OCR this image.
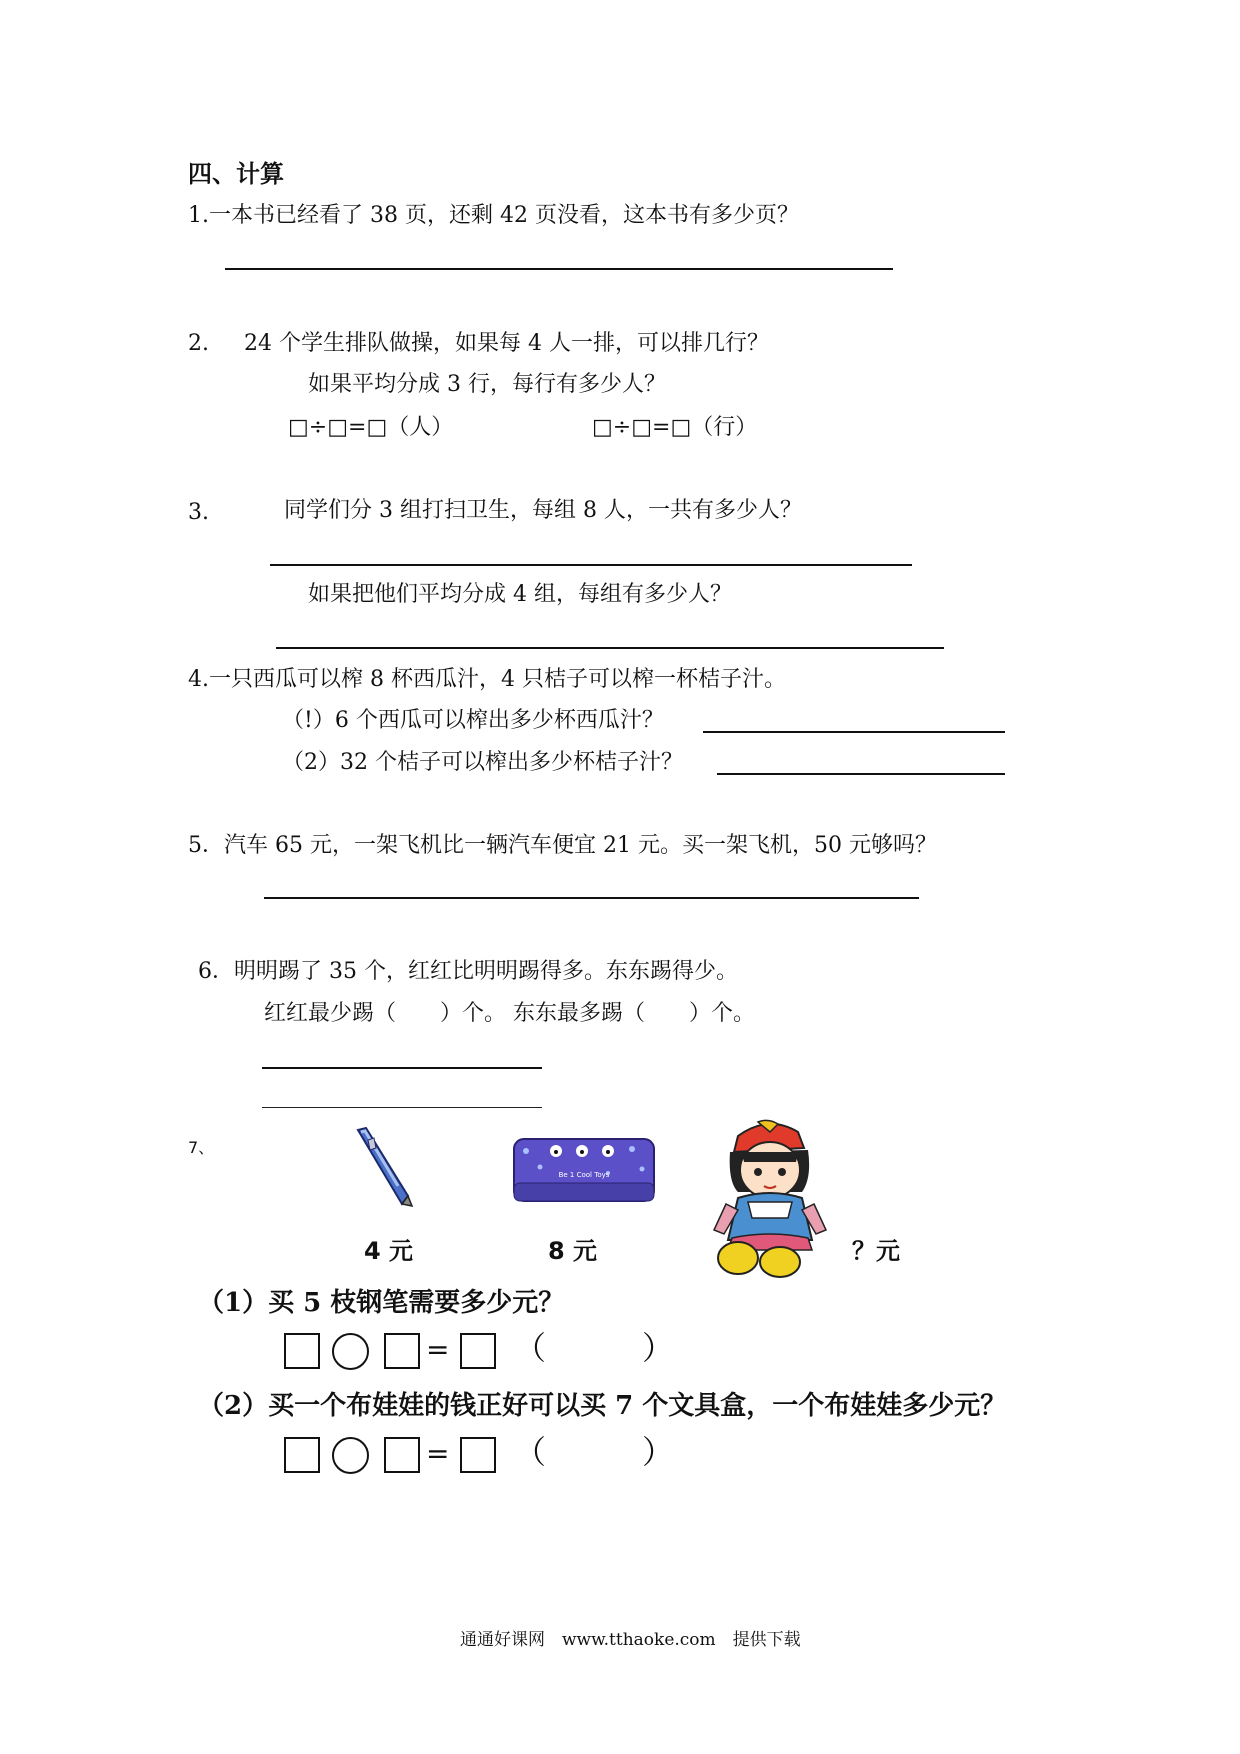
四、计算
1.一本书已经看了 38 页，还剩 42 页没看，这本书有多少页？
2. 24 个学生排队做操，如果每 4 人一排，可以排几行？
如果平均分成 3 行，每行有多少人？
□÷□=□（人）	□÷□=□（行）
3.	同学们分 3 组打扫卫生，每组 8 人，一共有多少人？
如果把他们平均分成 4 组，每组有多少人？
4.一只西瓜可以榨 8 杯西瓜汁，4 只桔子可以榨一杯桔子汁。
（!）6 个西瓜可以榨出多少杯西瓜汁？
（2）32 个桔子可以榨出多少杯桔子汁？
5．汽车 65 元，一架飞机比一辆汽车便宜 21 元。买一架飞机，50 元够吗？
6．明明踢了 35 个，红红比明明踢得多。东东踢得少。
红红最少踢（　　）个。 东东最多踢（　　）个。
7、
Be 1 Cool Toys
4 元	8 元	？元
（1）买 5 枝钢笔需要多少元？
= （　　　）
（2）买一个布娃娃的钱正好可以买 7 个文具盒，一个布娃娃多少元？
= （　　　）
通通好课网　www.tthaoke.com　提供下载
